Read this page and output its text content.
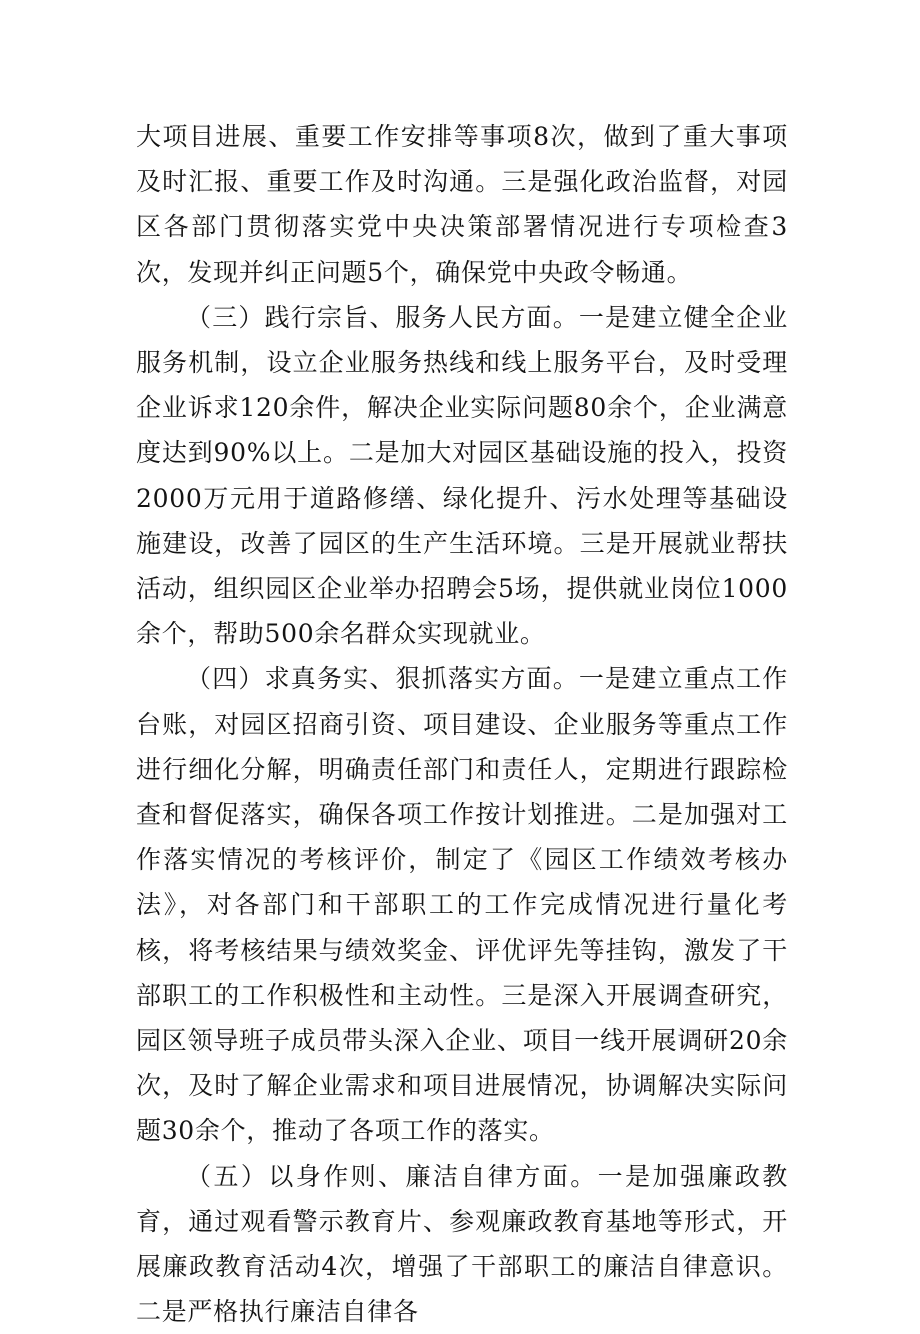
大项目进展、重要工作安排等事项8次，做到了重大事项及时汇报、重要工作及时沟通。三是强化政治监督，对园区各部门贯彻落实党中央决策部署情况进行专项检查3次，发现并纠正问题5个，确保党中央政令畅通。

（三）践行宗旨、服务人民方面。一是建立健全企业服务机制，设立企业服务热线和线上服务平台，及时受理企业诉求120余件，解决企业实际问题80余个，企业满意度达到90%以上。二是加大对园区基础设施的投入，投资2000万元用于道路修缮、绿化提升、污水处理等基础设施建设，改善了园区的生产生活环境。三是开展就业帮扶活动，组织园区企业举办招聘会5场，提供就业岗位1000余个，帮助500余名群众实现就业。

（四）求真务实、狠抓落实方面。一是建立重点工作台账，对园区招商引资、项目建设、企业服务等重点工作进行细化分解，明确责任部门和责任人，定期进行跟踪检查和督促落实，确保各项工作按计划推进。二是加强对工作落实情况的考核评价，制定了《园区工作绩效考核办法》，对各部门和干部职工的工作完成情况进行量化考核，将考核结果与绩效奖金、评优评先等挂钩，激发了干部职工的工作积极性和主动性。三是深入开展调查研究，园区领导班子成员带头深入企业、项目一线开展调研20余次，及时了解企业需求和项目进展情况，协调解决实际问题30余个，推动了各项工作的落实。

（五）以身作则、廉洁自律方面。一是加强廉政教育，通过观看警示教育片、参观廉政教育基地等形式，开展廉政教育活动4次，增强了干部职工的廉洁自律意识。二是严格执行廉洁自律各
